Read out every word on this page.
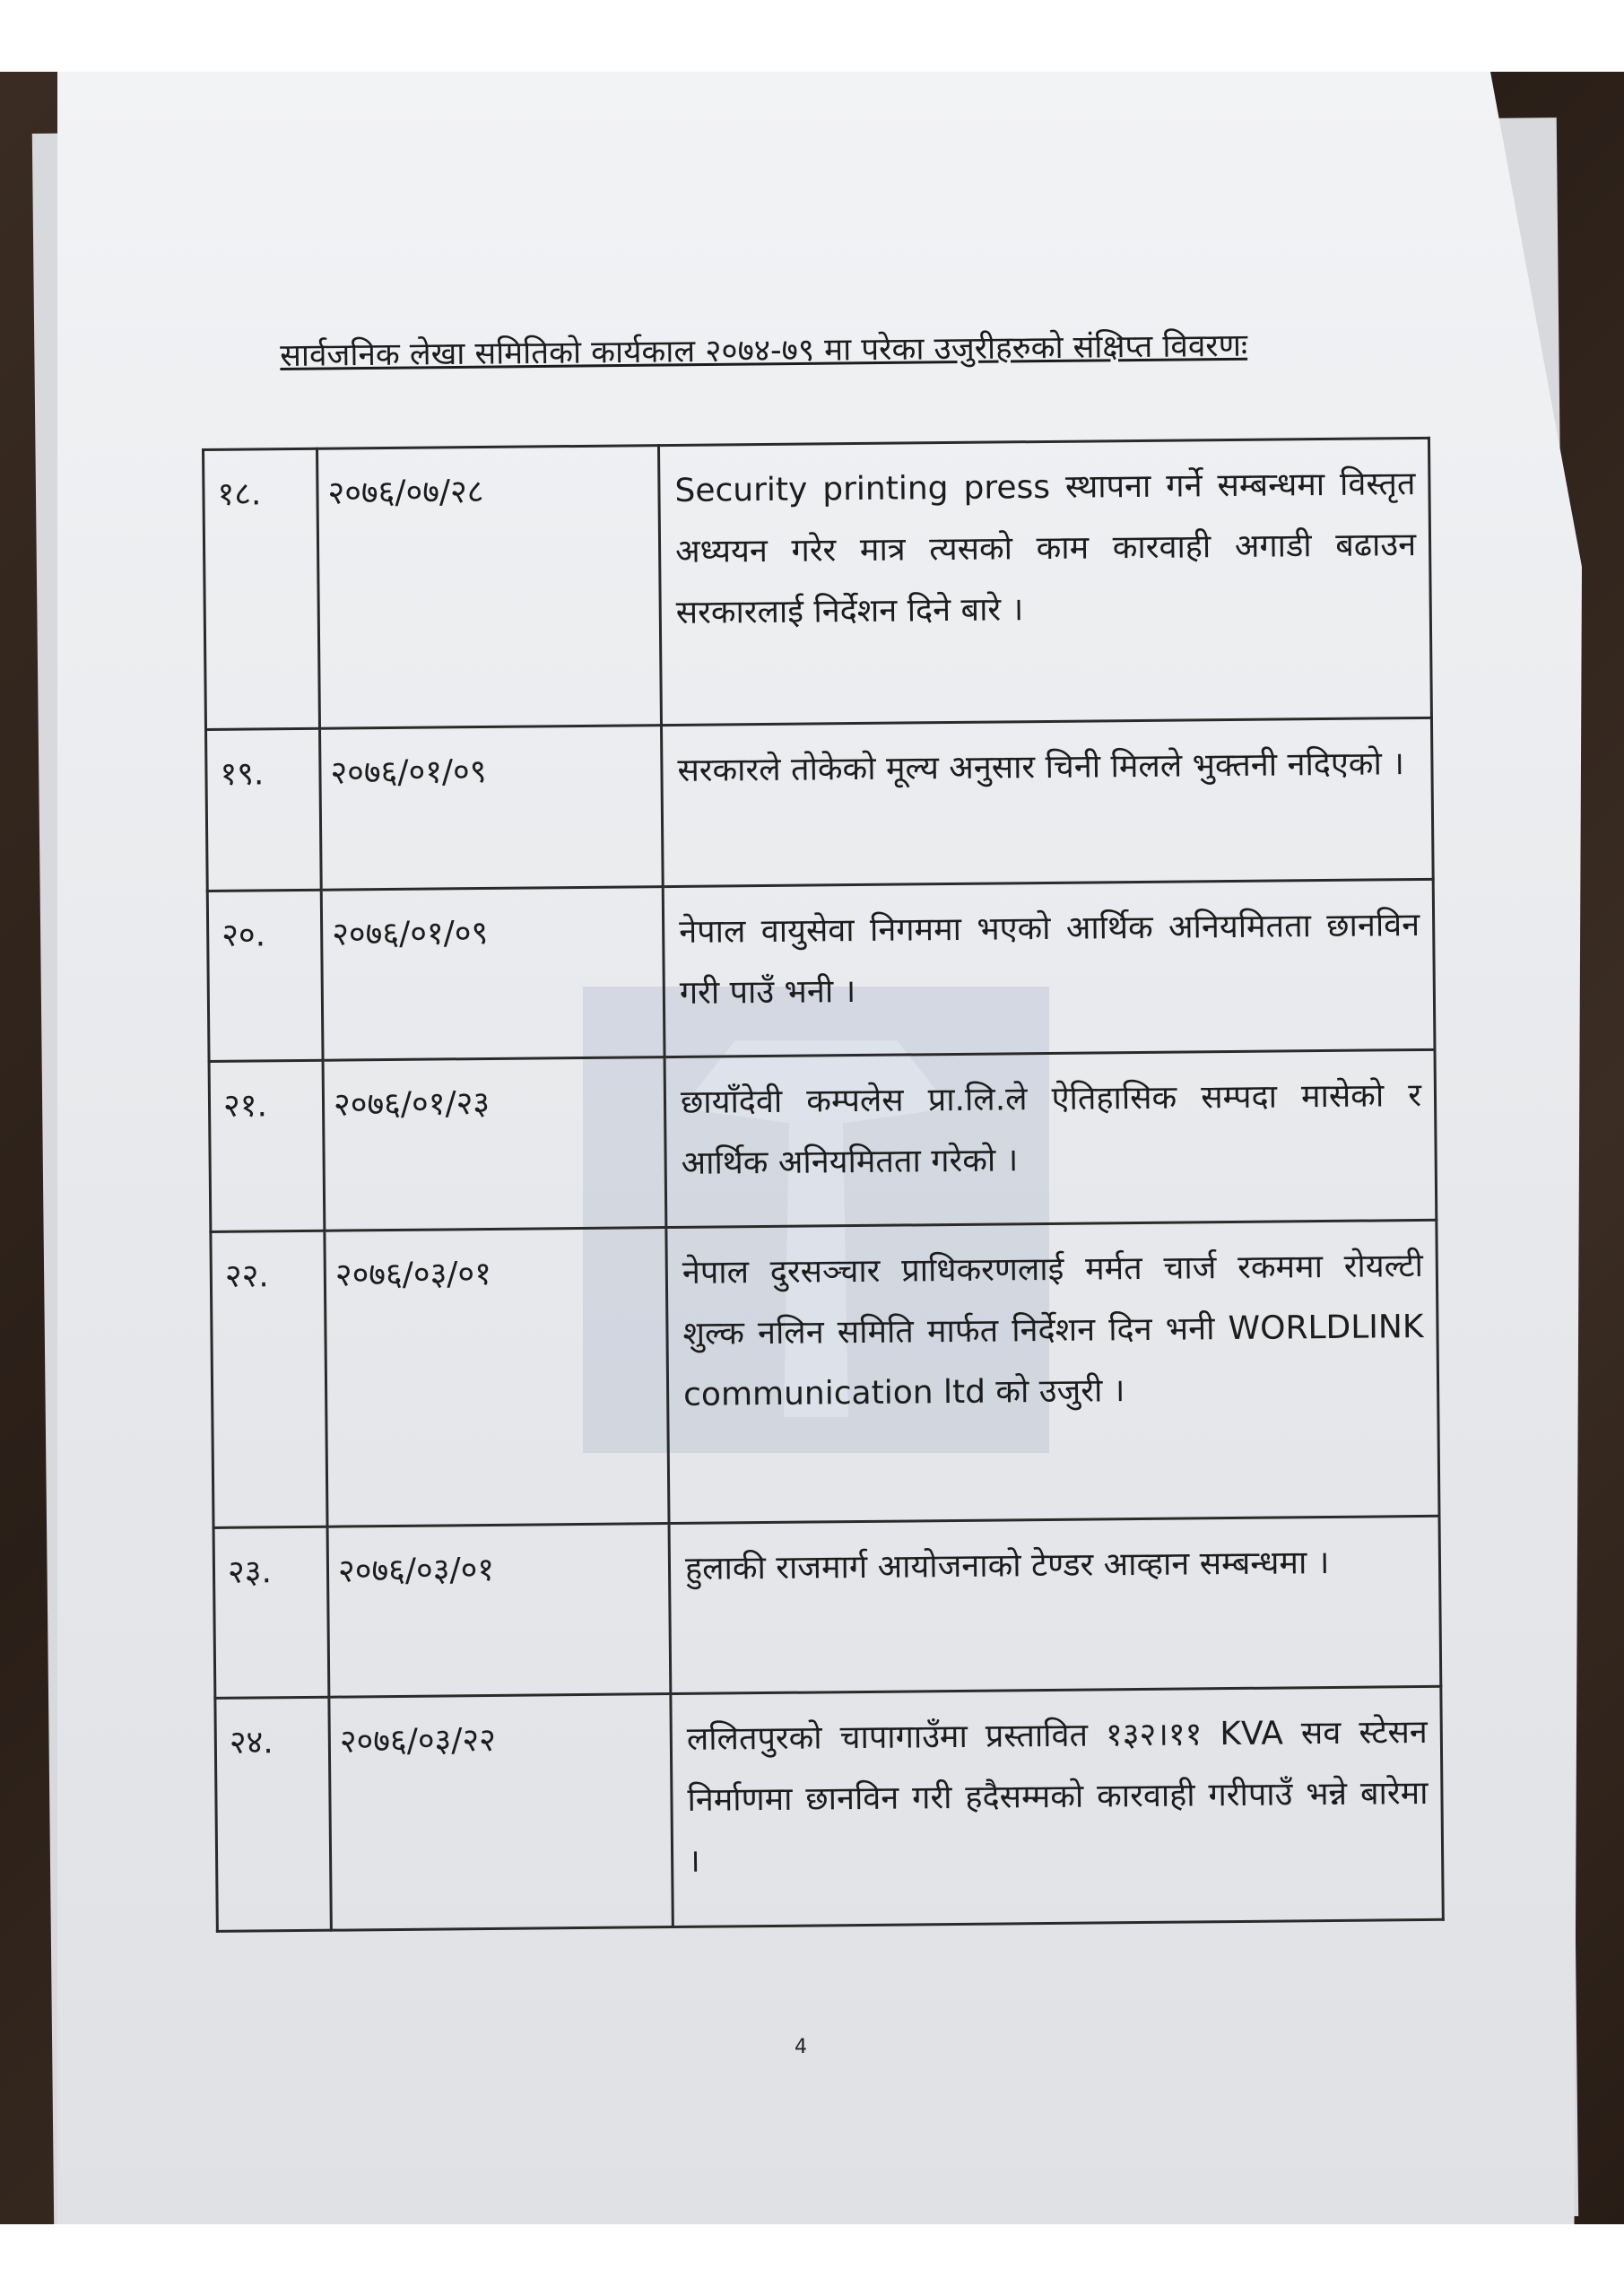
सार्वजनिक लेखा समितिको कार्यकाल २०७४-७९ मा परेका उजुरीहरुको संक्षिप्त विवरणः
१८.	२०७६/०७/२८	Security printing press स्थापना गर्ने सम्बन्धमा विस्तृत अध्ययन गरेर मात्र त्यसको काम कारवाही अगाडी बढाउन सरकारलाई निर्देशन दिने बारे ।
१९.	२०७६/०१/०९	सरकारले तोकेको मूल्य अनुसार चिनी मिलले भुक्तनी नदिएको ।
२०.	२०७६/०१/०९	नेपाल वायुसेवा निगममा भएको आर्थिक अनियमितता छानविन गरी पाउँ भनी ।
२१.	२०७६/०१/२३	छायाँदेवी कम्पलेस प्रा.लि.ले ऐतिहासिक सम्पदा मासेको र आर्थिक अनियमितता गरेको ।
२२.	२०७६/०३/०१	नेपाल दुरसञ्चार प्राधिकरणलाई मर्मत चार्ज रकममा रोयल्टी शुल्क नलिन समिति मार्फत निर्देशन दिन भनी WORLDLINK communication ltd को उजुरी ।
२३.	२०७६/०३/०१	हुलाकी राजमार्ग आयोजनाको टेण्डर आव्हान सम्बन्धमा ।
२४.	२०७६/०३/२२	ललितपुरको चापागाउँमा प्रस्तावित १३२।११ KVA सव स्टेसन निर्माणमा छानविन गरी हदैसम्मको कारवाही गरीपाउँ भन्ने बारेमा ।
4
